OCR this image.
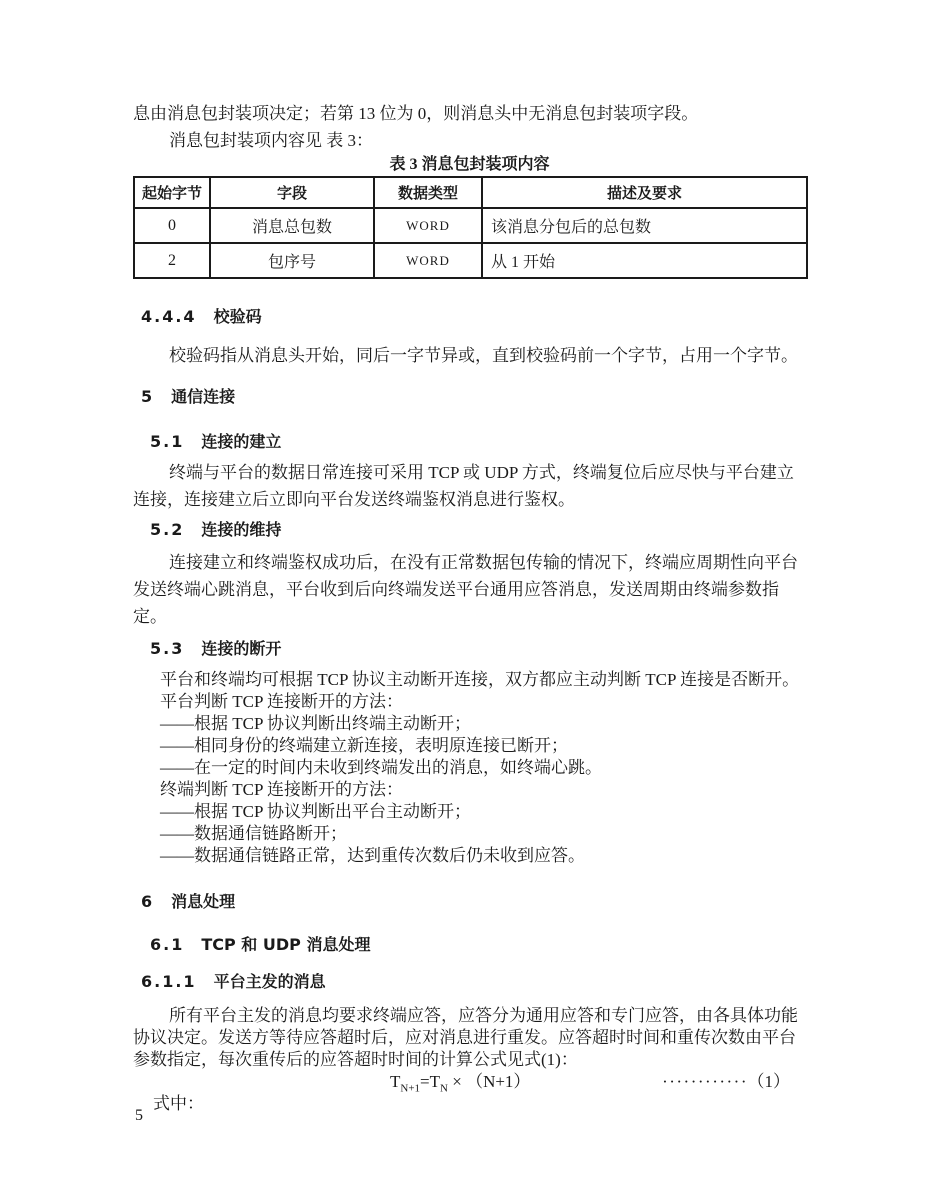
息由消息包封装项决定；若第 13 位为 0，则消息头中无消息包封装项字段。
消息包封装项内容见 表 3：
表 3 消息包封装项内容
起始字节	字段	数据类型	描述及要求
0	消息总包数	WORD	该消息分包后的总包数
2	包序号	WORD	从 1 开始
4.4.4 校验码
校验码指从消息头开始，同后一字节异或，直到校验码前一个字节，占用一个字节。
5 通信连接
5.1 连接的建立
终端与平台的数据日常连接可采用 TCP 或 UDP 方式，终端复位后应尽快与平台建立连接，连接建立后立即向平台发送终端鉴权消息进行鉴权。
5.2 连接的维持
连接建立和终端鉴权成功后，在没有正常数据包传输的情况下，终端应周期性向平台发送终端心跳消息，平台收到后向终端发送平台通用应答消息，发送周期由终端参数指定。
5.3 连接的断开
平台和终端均可根据 TCP 协议主动断开连接，双方都应主动判断 TCP 连接是否断开。
平台判断 TCP 连接断开的方法：
——根据 TCP 协议判断出终端主动断开；
——相同身份的终端建立新连接，表明原连接已断开；
——在一定的时间内未收到终端发出的消息，如终端心跳。
终端判断 TCP 连接断开的方法：
——根据 TCP 协议判断出平台主动断开；
——数据通信链路断开；
——数据通信链路正常，达到重传次数后仍未收到应答。
6 消息处理
6.1 TCP 和 UDP 消息处理
6.1.1 平台主发的消息
所有平台主发的消息均要求终端应答，应答分为通用应答和专门应答，由各具体功能协议决定。发送方等待应答超时后，应对消息进行重发。应答超时时间和重传次数由平台参数指定，每次重传后的应答超时时间的计算公式见式(1)：
$T_{N+1}=T_N \times (N+1)$	············ （1）
式中：
5
